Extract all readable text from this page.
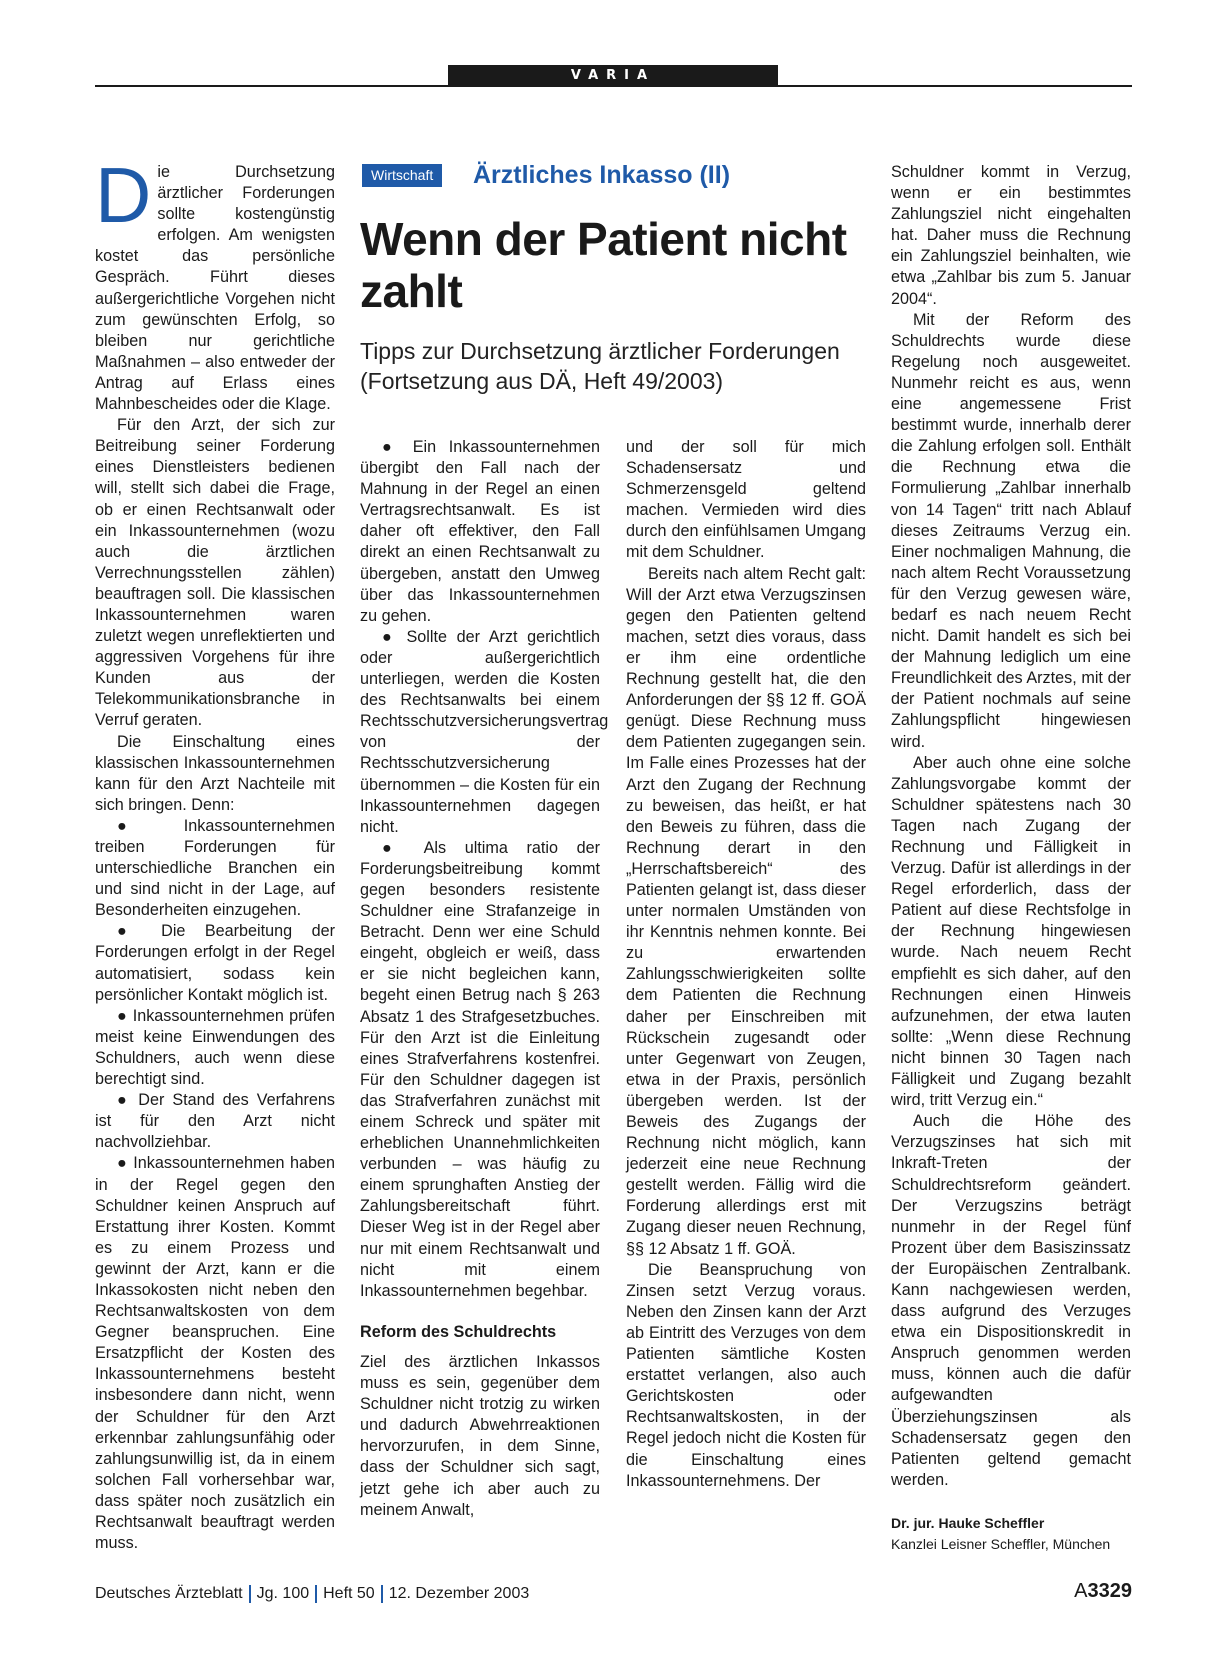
VARIA

Die Durchsetzung ärztlicher Forderungen sollte kostengünstig erfolgen. Am wenigsten kostet das persönliche Gespräch. Führt dieses außergerichtliche Vorgehen nicht zum gewünschten Erfolg, so bleiben nur gerichtliche Maßnahmen – also entweder der Antrag auf Erlass eines Mahnbescheides oder die Klage.

Für den Arzt, der sich zur Beitreibung seiner Forderung eines Dienstleisters bedienen will, stellt sich dabei die Frage, ob er einen Rechtsanwalt oder ein Inkassounternehmen (wozu auch die ärztlichen Verrechnungsstellen zählen) beauftragen soll. Die klassischen Inkassounternehmen waren zuletzt wegen unreflektierten und aggressiven Vorgehens für ihre Kunden aus der Telekommunikationsbranche in Verruf geraten.

Die Einschaltung eines klassischen Inkassounternehmen kann für den Arzt Nachteile mit sich bringen. Denn:

● Inkassounternehmen treiben Forderungen für unterschiedliche Branchen ein und sind nicht in der Lage, auf Besonderheiten einzugehen.

● Die Bearbeitung der Forderungen erfolgt in der Regel automatisiert, sodass kein persönlicher Kontakt möglich ist.

● Inkassounternehmen prüfen meist keine Einwendungen des Schuldners, auch wenn diese berechtigt sind.

● Der Stand des Verfahrens ist für den Arzt nicht nachvollziehbar.

● Inkassounternehmen haben in der Regel gegen den Schuldner keinen Anspruch auf Erstattung ihrer Kosten. Kommt es zu einem Prozess und gewinnt der Arzt, kann er die Inkassokosten nicht neben den Rechtsanwaltskosten von dem Gegner beanspruchen. Eine Ersatzpflicht der Kosten des Inkassounternehmens besteht insbesondere dann nicht, wenn der Schuldner für den Arzt erkennbar zahlungsunfähig oder zahlungsunwillig ist, da in einem solchen Fall vorhersehbar war, dass später noch zusätzlich ein Rechtsanwalt beauftragt werden muss.

Wirtschaft	Ärztliches Inkasso (II)
Wenn der Patient nicht zahlt

Tipps zur Durchsetzung ärztlicher Forderungen
(Fortsetzung aus DÄ, Heft 49/2003)

● Ein Inkassounternehmen übergibt den Fall nach der Mahnung in der Regel an einen Vertragsrechtsanwalt. Es ist daher oft effektiver, den Fall direkt an einen Rechtsanwalt zu übergeben, anstatt den Umweg über das Inkassounternehmen zu gehen.

● Sollte der Arzt gerichtlich oder außergerichtlich unterliegen, werden die Kosten des Rechtsanwalts bei einem Rechtsschutzversicherungsvertrag von der Rechtsschutzversicherung übernommen – die Kosten für ein Inkassounternehmen dagegen nicht.

● Als ultima ratio der Forderungsbeitreibung kommt gegen besonders resistente Schuldner eine Strafanzeige in Betracht. Denn wer eine Schuld eingeht, obgleich er weiß, dass er sie nicht begleichen kann, begeht einen Betrug nach § 263 Absatz 1 des Strafgesetzbuches. Für den Arzt ist die Einleitung eines Strafverfahrens kostenfrei. Für den Schuldner dagegen ist das Strafverfahren zunächst mit einem Schreck und später mit erheblichen Unannehmlichkeiten verbunden – was häufig zu einem sprunghaften Anstieg der Zahlungsbereitschaft führt. Dieser Weg ist in der Regel aber nur mit einem Rechtsanwalt und nicht mit einem Inkassounternehmen begehbar.

Reform des Schuldrechts

Ziel des ärztlichen Inkassos muss es sein, gegenüber dem Schuldner nicht trotzig zu wirken und dadurch Abwehrreaktionen hervorzurufen, in dem Sinne, dass der Schuldner sich sagt, jetzt gehe ich aber auch zu meinem Anwalt,

und der soll für mich Schadensersatz und Schmerzensgeld geltend machen. Vermieden wird dies durch den einfühlsamen Umgang mit dem Schuldner.

Bereits nach altem Recht galt: Will der Arzt etwa Verzugszinsen gegen den Patienten geltend machen, setzt dies voraus, dass er ihm eine ordentliche Rechnung gestellt hat, die den Anforderungen der §§ 12 ff. GOÄ genügt. Diese Rechnung muss dem Patienten zugegangen sein. Im Falle eines Prozesses hat der Arzt den Zugang der Rechnung zu beweisen, das heißt, er hat den Beweis zu führen, dass die Rechnung derart in den „Herrschaftsbereich“ des Patienten gelangt ist, dass dieser unter normalen Umständen von ihr Kenntnis nehmen konnte. Bei zu erwartenden Zahlungsschwierigkeiten sollte dem Patienten die Rechnung daher per Einschreiben mit Rückschein zugesandt oder unter Gegenwart von Zeugen, etwa in der Praxis, persönlich übergeben werden. Ist der Beweis des Zugangs der Rechnung nicht möglich, kann jederzeit eine neue Rechnung gestellt werden. Fällig wird die Forderung allerdings erst mit Zugang dieser neuen Rechnung, §§ 12 Absatz 1 ff. GOÄ.

Die Beanspruchung von Zinsen setzt Verzug voraus. Neben den Zinsen kann der Arzt ab Eintritt des Verzuges von dem Patienten sämtliche Kosten erstattet verlangen, also auch Gerichtskosten oder Rechtsanwaltskosten, in der Regel jedoch nicht die Kosten für die Einschaltung eines Inkassounternehmens. Der

Schuldner kommt in Verzug, wenn er ein bestimmtes Zahlungsziel nicht eingehalten hat. Daher muss die Rechnung ein Zahlungsziel beinhalten, wie etwa „Zahlbar bis zum 5. Januar 2004“.

Mit der Reform des Schuldrechts wurde diese Regelung noch ausgeweitet. Nunmehr reicht es aus, wenn eine angemessene Frist bestimmt wurde, innerhalb derer die Zahlung erfolgen soll. Enthält die Rechnung etwa die Formulierung „Zahlbar innerhalb von 14 Tagen“ tritt nach Ablauf dieses Zeitraums Verzug ein. Einer nochmaligen Mahnung, die nach altem Recht Voraussetzung für den Verzug gewesen wäre, bedarf es nach neuem Recht nicht. Damit handelt es sich bei der Mahnung lediglich um eine Freundlichkeit des Arztes, mit der der Patient nochmals auf seine Zahlungspflicht hingewiesen wird.

Aber auch ohne eine solche Zahlungsvorgabe kommt der Schuldner spätestens nach 30 Tagen nach Zugang der Rechnung und Fälligkeit in Verzug. Dafür ist allerdings in der Regel erforderlich, dass der Patient auf diese Rechtsfolge in der Rechnung hingewiesen wurde. Nach neuem Recht empfiehlt es sich daher, auf den Rechnungen einen Hinweis aufzunehmen, der etwa lauten sollte: „Wenn diese Rechnung nicht binnen 30 Tagen nach Fälligkeit und Zugang bezahlt wird, tritt Verzug ein.“

Auch die Höhe des Verzugszinses hat sich mit Inkraft-Treten der Schuldrechtsreform geändert. Der Verzugszins beträgt nunmehr in der Regel fünf Prozent über dem Basiszinssatz der Europäischen Zentralbank. Kann nachgewiesen werden, dass aufgrund des Verzuges etwa ein Dispositionskredit in Anspruch genommen werden muss, können auch die dafür aufgewandten Überziehungszinsen als Schadensersatz gegen den Patienten geltend gemacht werden.

Dr. jur. Hauke Scheffler

Kanzlei Leisner Scheffler, München

Deutsches Ärzteblatt Jg. 100 Heft 50 12. Dezember 2003	A3329
